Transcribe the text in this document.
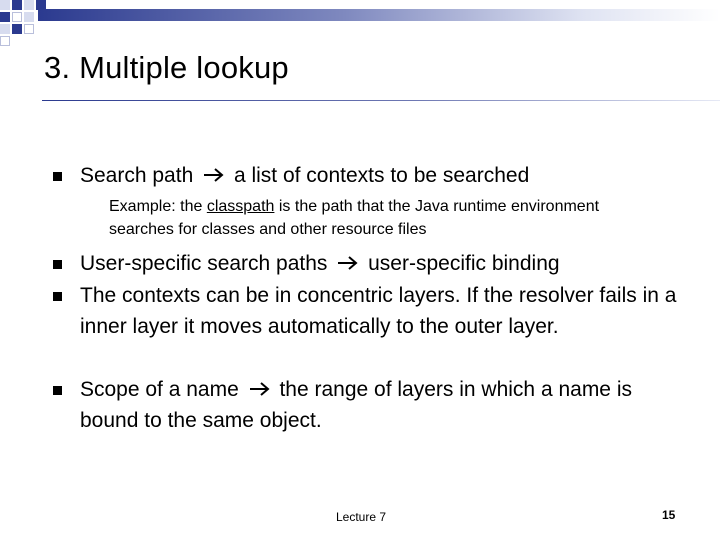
3. Multiple lookup
Search path a list of contexts to be searched
Example: the classpath is the path that the Java runtime environment searches for classes and other resource files
User-specific search paths user-specific binding
The contexts can be in concentric layers. If the resolver fails in a inner layer it moves automatically to the outer layer.
Scope of a name the range of layers in which a name is bound to the same object.
Lecture 7	15
